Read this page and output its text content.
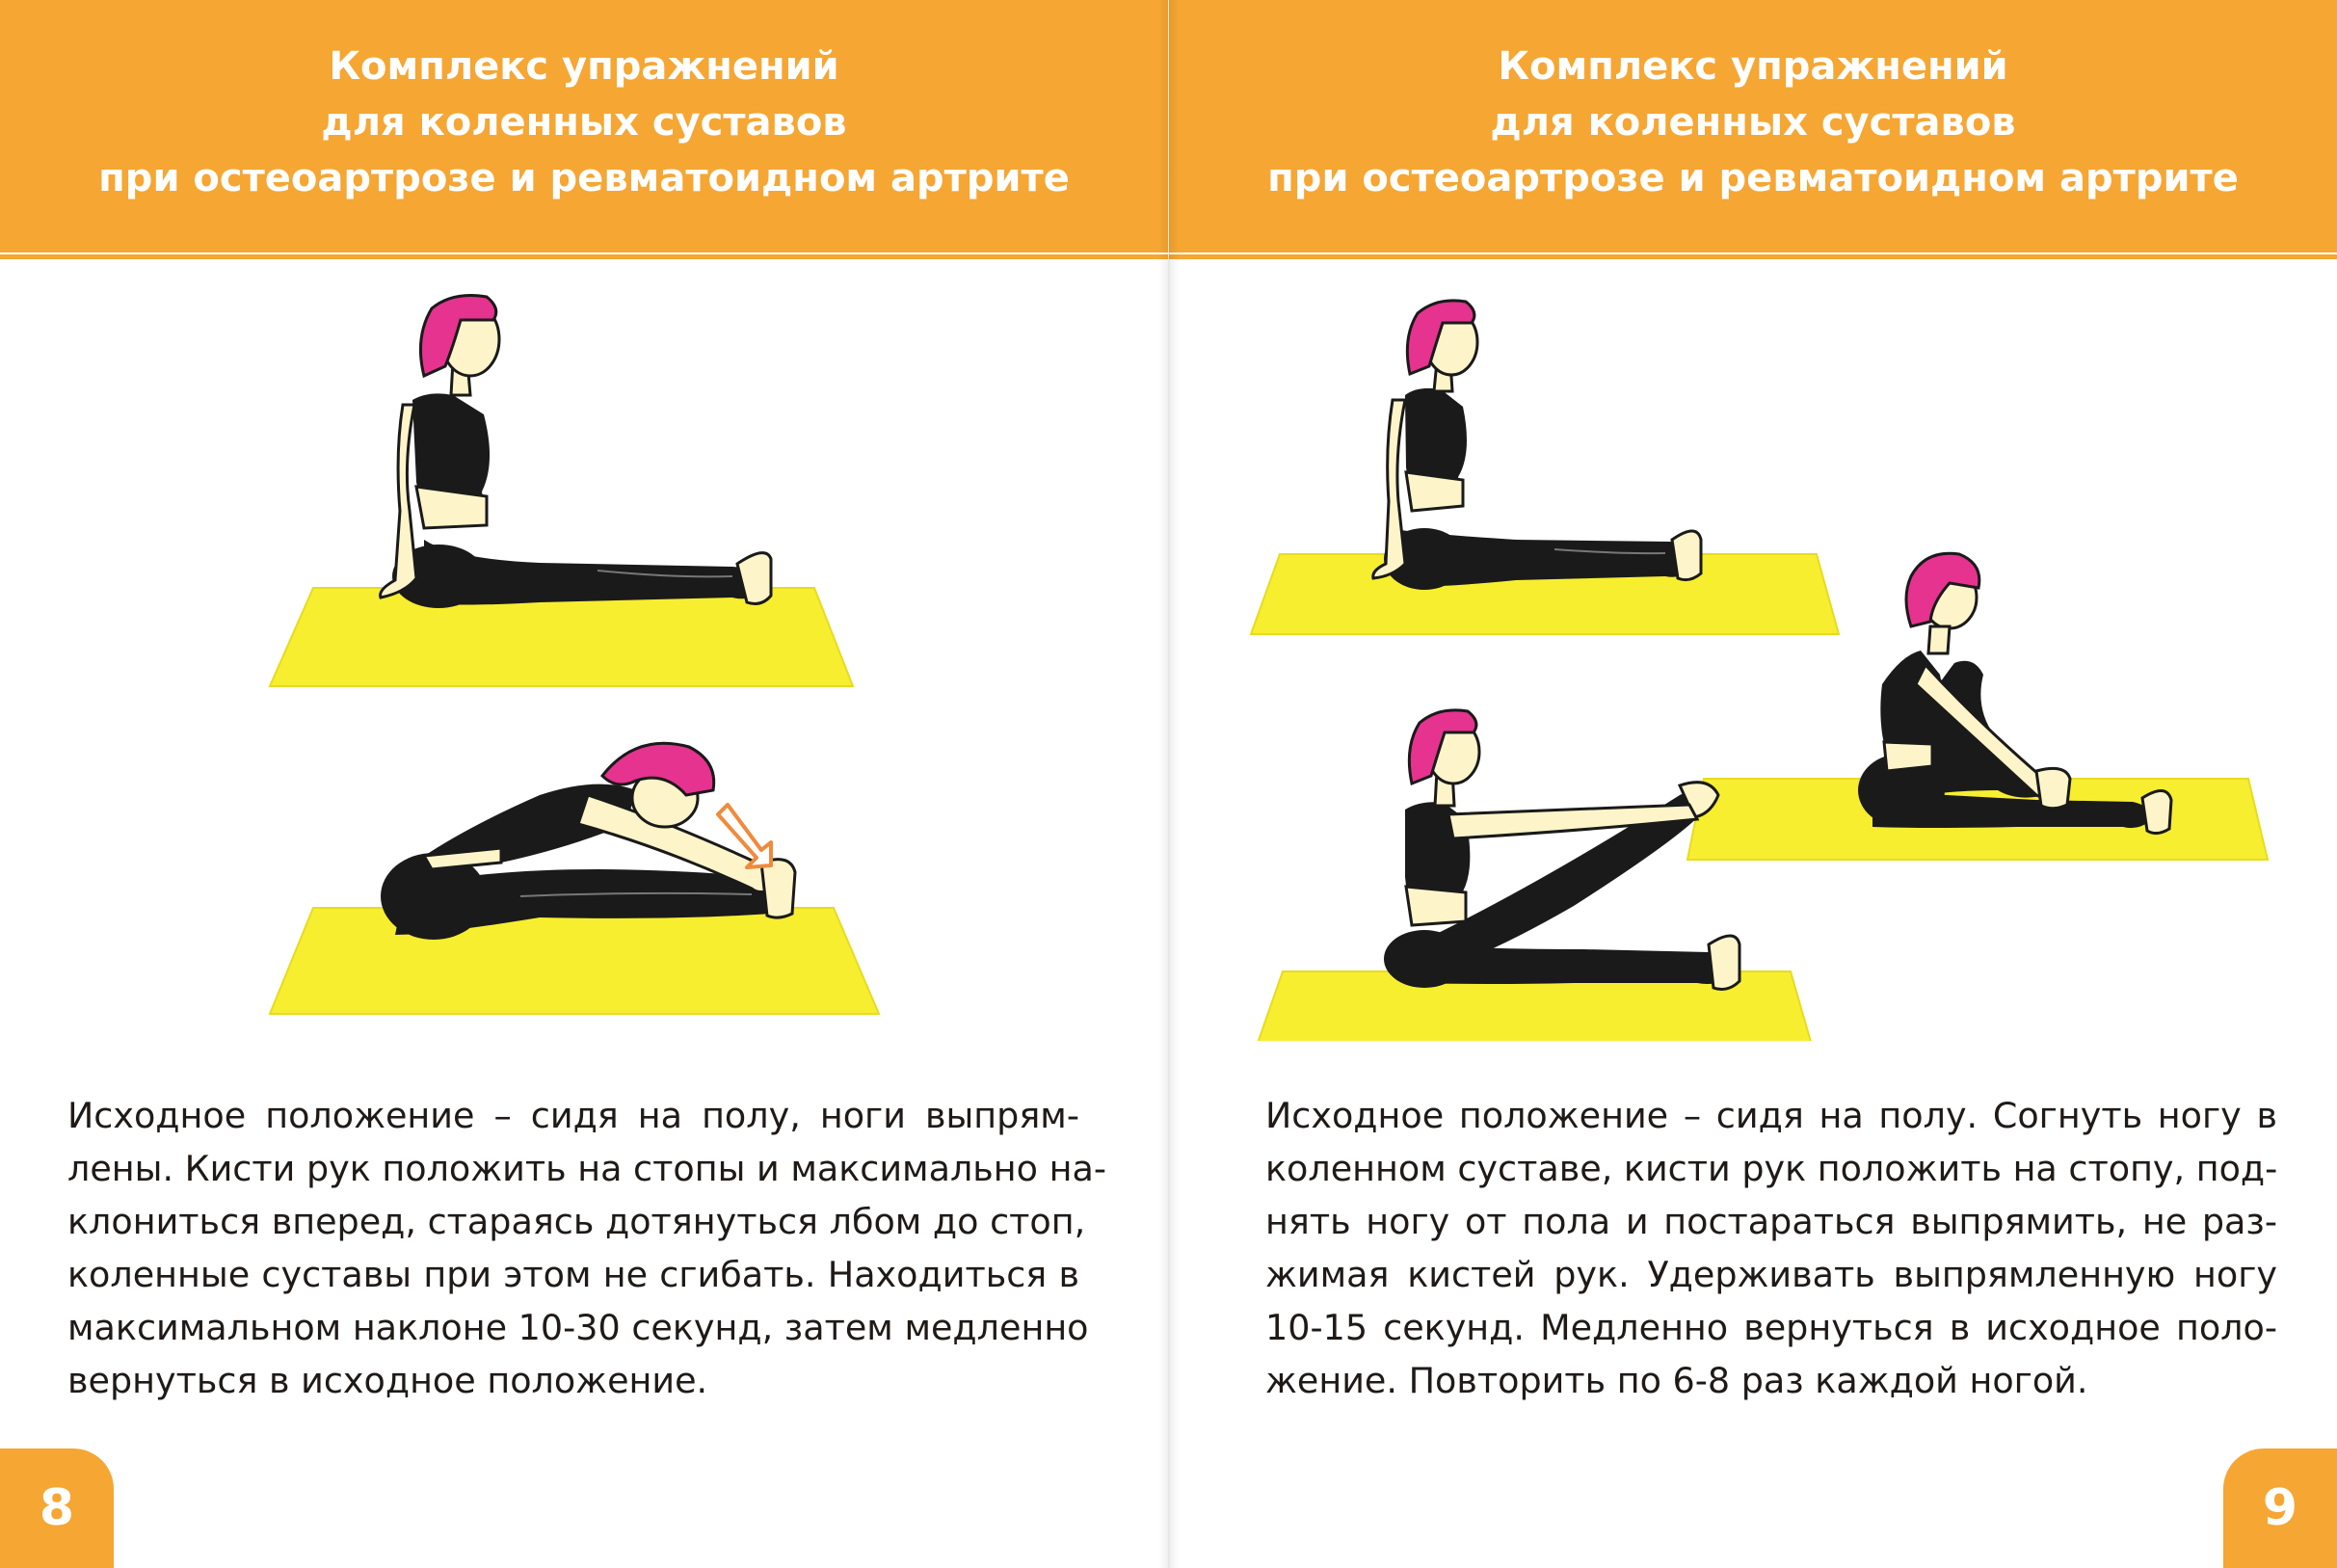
Комплекс упражнений
для коленных суставов
при остеоартрозе и ревматоидном артрите
Исходное положение – сидя на полу, ноги выпрям-
лены. Кисти рук положить на стопы и максимально на-
клониться вперед, стараясь дотянуться лбом до стоп,
коленные суставы при этом не сгибать. Находиться в
максимальном наклоне 10-30 секунд, затем медленно
вернуться в исходное положение.
8
Комплекс упражнений
для коленных суставов
при остеоартрозе и ревматоидном артрите
Исходное положение – сидя на полу. Согнуть ногу в
коленном суставе, кисти рук положить на стопу, под-
нять ногу от пола и постараться выпрямить, не раз-
жимая кистей рук. Удерживать выпрямленную ногу
10-15 секунд. Медленно вернуться в исходное поло-
жение. Повторить по 6-8 раз каждой ногой.
9
